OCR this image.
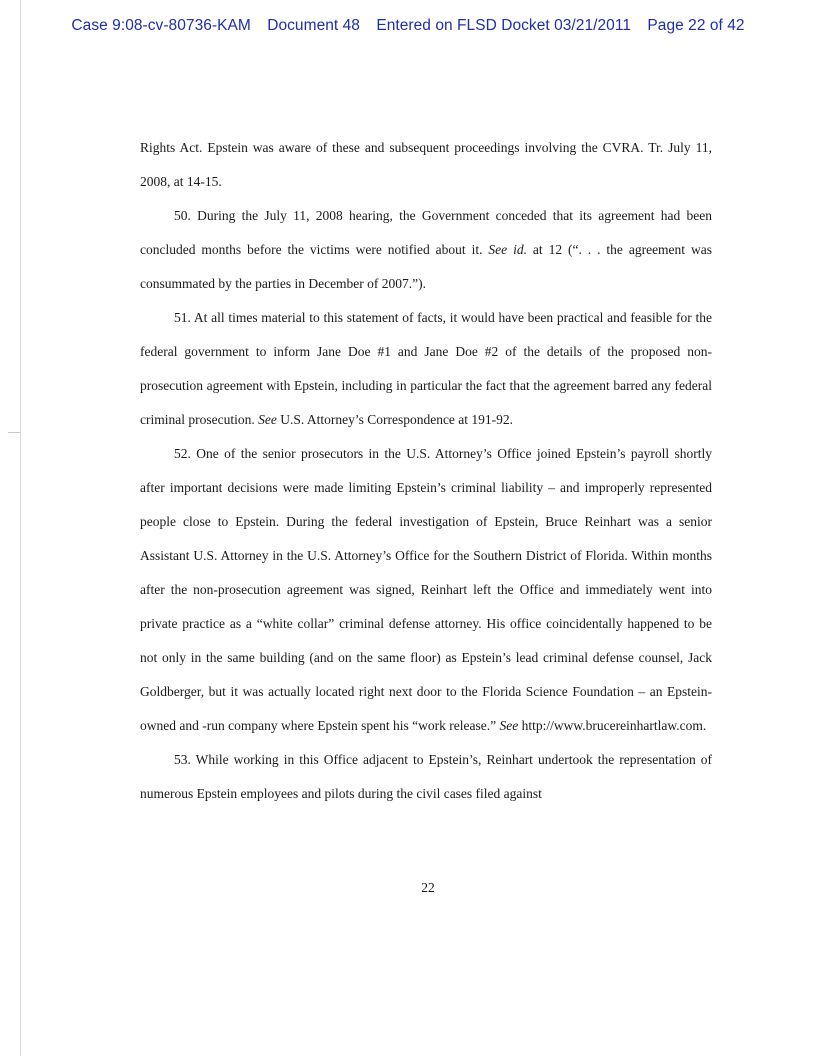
Case 9:08-cv-80736-KAM Document 48 Entered on FLSD Docket 03/21/2011 Page 22 of 42

Rights Act. Epstein was aware of these and subsequent proceedings involving the CVRA. Tr. July 11, 2008, at 14-15.

50. During the July 11, 2008 hearing, the Government conceded that its agreement had been concluded months before the victims were notified about it. See id. at 12 (“. . . the agreement was consummated by the parties in December of 2007.”).

51. At all times material to this statement of facts, it would have been practical and feasible for the federal government to inform Jane Doe #1 and Jane Doe #2 of the details of the proposed non-prosecution agreement with Epstein, including in particular the fact that the agreement barred any federal criminal prosecution. See U.S. Attorney’s Correspondence at 191-92.

52. One of the senior prosecutors in the U.S. Attorney’s Office joined Epstein’s payroll shortly after important decisions were made limiting Epstein’s criminal liability – and improperly represented people close to Epstein. During the federal investigation of Epstein, Bruce Reinhart was a senior Assistant U.S. Attorney in the U.S. Attorney’s Office for the Southern District of Florida. Within months after the non-prosecution agreement was signed, Reinhart left the Office and immediately went into private practice as a “white collar” criminal defense attorney. His office coincidentally happened to be not only in the same building (and on the same floor) as Epstein’s lead criminal defense counsel, Jack Goldberger, but it was actually located right next door to the Florida Science Foundation – an Epstein-owned and -run company where Epstein spent his “work release.” See http://www.brucereinhartlaw.com.

53. While working in this Office adjacent to Epstein’s, Reinhart undertook the representation of numerous Epstein employees and pilots during the civil cases filed against

22
